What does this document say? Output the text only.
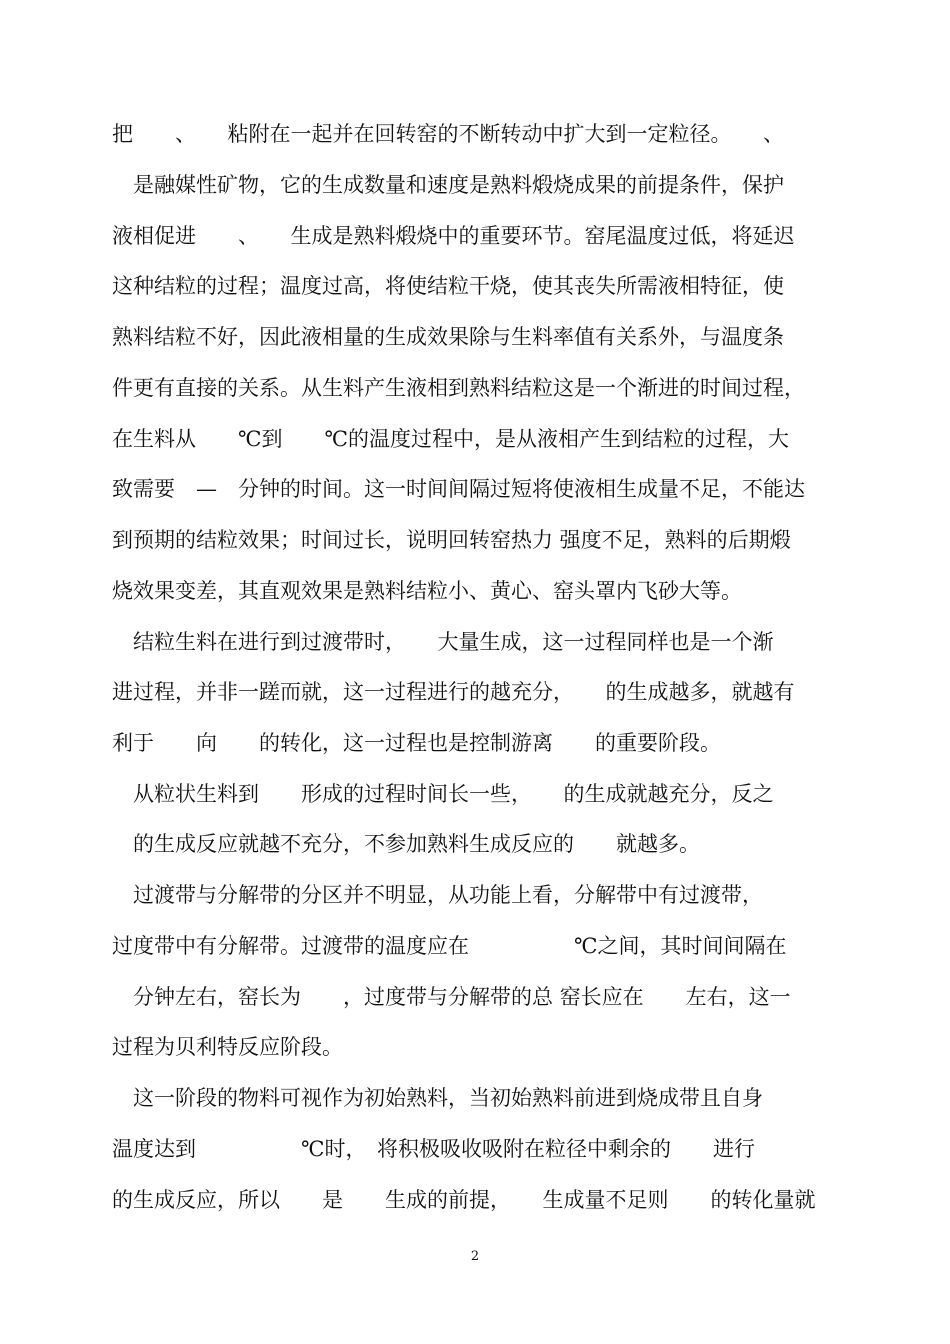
把　　、　　粘附在一起并在回转窑的不断转动中扩大到一定粒径。　　、
　是融媒性矿物，它的生成数量和速度是熟料煅烧成果的前提条件，保护
液相促进　　、　　生成是熟料煅烧中的重要环节。窑尾温度过低，将延迟
这种结粒的过程；温度过高，将使结粒干烧，使其丧失所需液相特征，使
熟料结粒不好，因此液相量的生成效果除与生料率值有关系外，与温度条
件更有直接的关系。从生料产生液相到熟料结粒这是一个渐进的时间过程，
在生料从　　℃到　　℃的温度过程中，是从液相产生到结粒的过程，大
致需要　—　分钟的时间。这一时间间隔过短将使液相生成量不足，不能达
到预期的结粒效果；时间过长，说明回转窑热力 强度不足，熟料的后期煅
烧效果变差，其直观效果是熟料结粒小、黄心、窑头罩内飞砂大等。
　结粒生料在进行到过渡带时，　　大量生成，这一过程同样也是一个渐
进过程，并非一蹉而就，这一过程进行的越充分，　　的生成越多，就越有
利于　　向　　的转化，这一过程也是控制游离　　的重要阶段。
　从粒状生料到　　形成的过程时间长一些，　　的生成就越充分，反之
　的生成反应就越不充分，不参加熟料生成反应的　　就越多。
　过渡带与分解带的分区并不明显，从功能上看，分解带中有过渡带，
过度带中有分解带。过渡带的温度应在　　　　　℃之间，其时间间隔在
　分钟左右，窑长为　　，过度带与分解带的总 窑长应在　　左右，这一
过程为贝利特反应阶段。
　这一阶段的物料可视作为初始熟料，当初始熟料前进到烧成带且自身
温度达到　　　　　℃时，　将积极吸收吸附在粒径中剩余的　　进行
的生成反应，所以　　是　　生成的前提，　　生成量不足则　　的转化量就
2
